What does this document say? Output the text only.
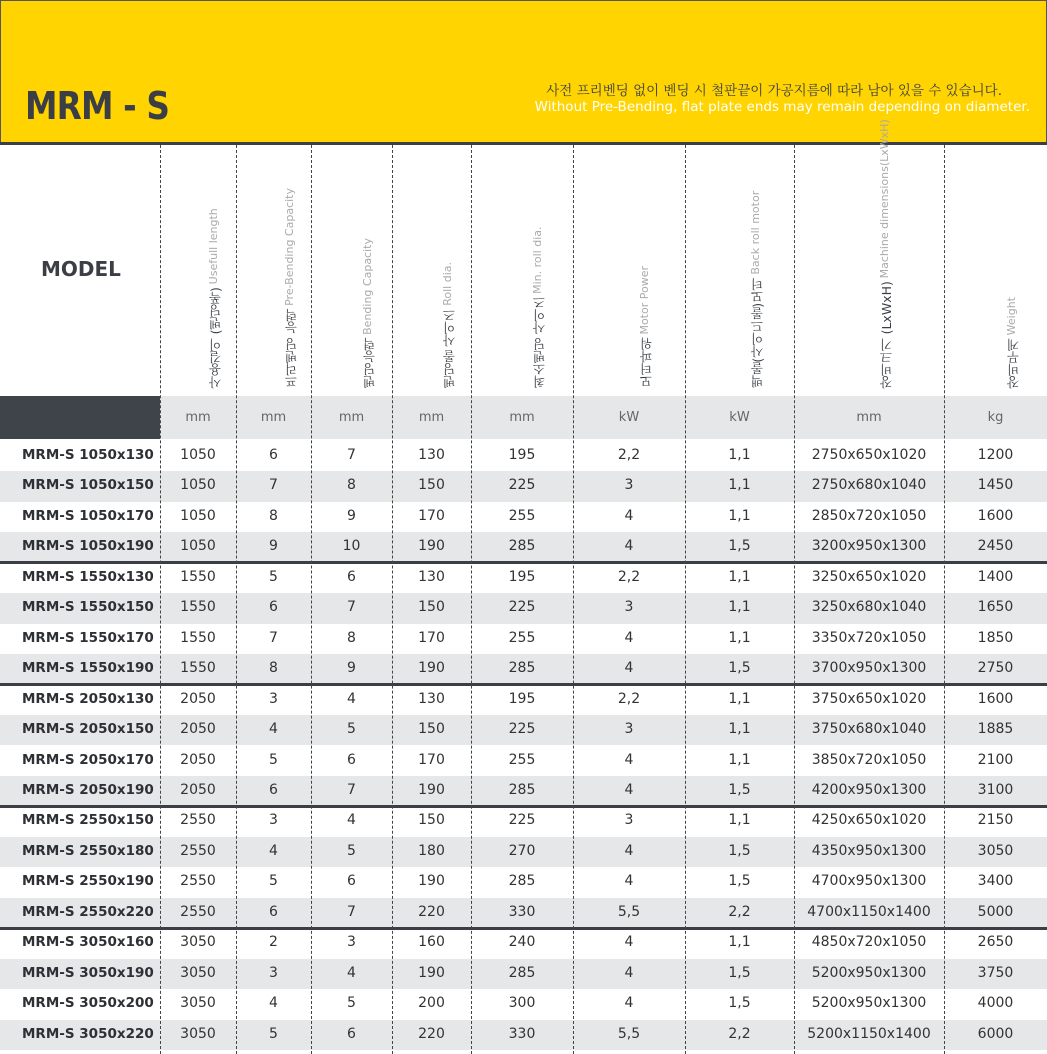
MRM - S	사전 프리벤딩 없이 벤딩 시 철판끝이 가공지름에 따라 남아 있을 수 있습니다.
Without Pre-Bending, flat plate ends may remain depending on diameter.
MODEL
사용길이 (벤딩폭)
Usefull length
프리벤딩 능력
Pre-Bending Capacity
벤딩능력
Bending Capacity
벤딩롤 사이즈
Roll dia.
최소벤딩 사이즈
Min. roll dia.
모터파워
Motor Power	백롤(사이드롤)모터
Back roll motor
장비크기 (LxWxH)
Machine dimensions(LxWxH)
장비무게
Weight
mm	mm	mm	mm	mm	kW	kW	mm	kg
MRM-S 1050x130	1050	6	7	130	195	2,2	1,1	2750x650x1020	1200
MRM-S 1050x150	1050	7	8	150	225	3	1,1	2750x680x1040	1450
MRM-S 1050x170	1050	8	9	170	255	4	1,1	2850x720x1050	1600
MRM-S 1050x190	1050	9	10	190	285	4	1,5	3200x950x1300	2450
MRM-S 1550x130	1550	5	6	130	195	2,2	1,1	3250x650x1020	1400
MRM-S 1550x150	1550	6	7	150	225	3	1,1	3250x680x1040	1650
MRM-S 1550x170	1550	7	8	170	255	4	1,1	3350x720x1050	1850
MRM-S 1550x190	1550	8	9	190	285	4	1,5	3700x950x1300	2750
MRM-S 2050x130	2050	3	4	130	195	2,2	1,1	3750x650x1020	1600
MRM-S 2050x150	2050	4	5	150	225	3	1,1	3750x680x1040	1885
MRM-S 2050x170	2050	5	6	170	255	4	1,1	3850x720x1050	2100
MRM-S 2050x190	2050	6	7	190	285	4	1,5	4200x950x1300	3100
MRM-S 2550x150	2550	3	4	150	225	3	1,1	4250x650x1020	2150
MRM-S 2550x180	2550	4	5	180	270	4	1,5	4350x950x1300	3050
MRM-S 2550x190	2550	5	6	190	285	4	1,5	4700x950x1300	3400
MRM-S 2550x220	2550	6	7	220	330	5,5	2,2	4700x1150x1400	5000
MRM-S 3050x160	3050	2	3	160	240	4	1,1	4850x720x1050	2650
MRM-S 3050x190	3050	3	4	190	285	4	1,5	5200x950x1300	3750
MRM-S 3050x200	3050	4	5	200	300	4	1,5	5200x950x1300	4000
MRM-S 3050x220	3050	5	6	220	330	5,5	2,2	5200x1150x1400	6000
